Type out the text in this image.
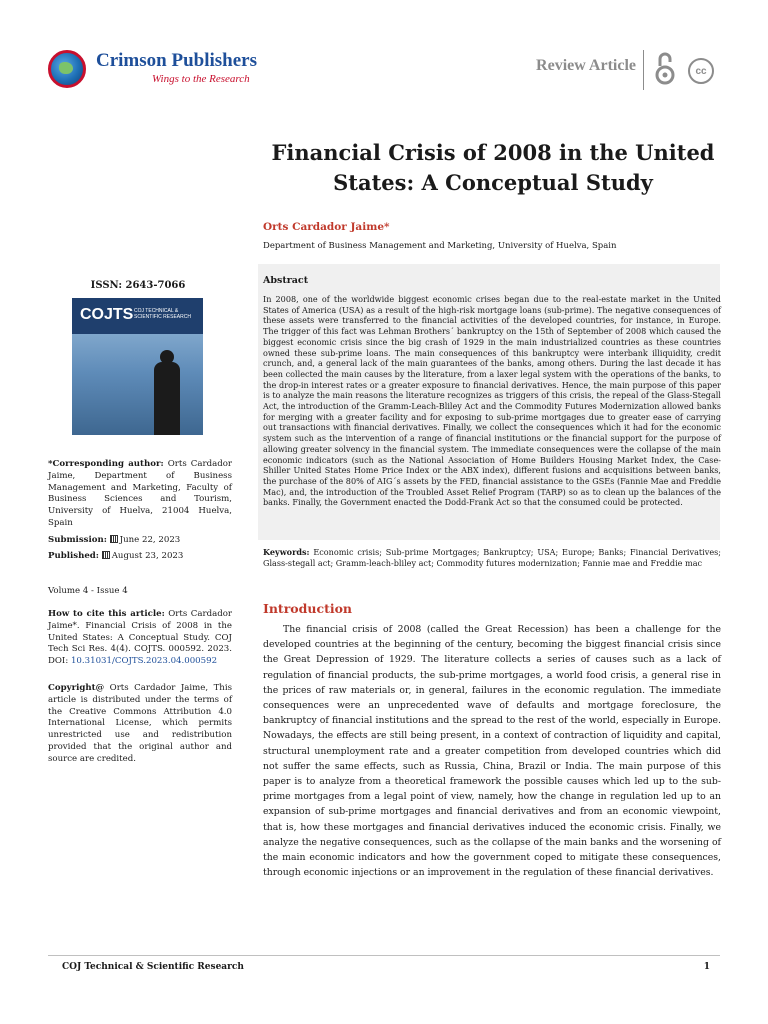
Crimson Publishers
Wings to the Research
Review Article	cc
Financial Crisis of 2008 in the United States: A Conceptual Study
Orts Cardador Jaime*
Department of Business Management and Marketing, University of Huelva, Spain
Abstract

In 2008, one of the worldwide biggest economic crises began due to the real-estate market in the United States of America (USA) as a result of the high-risk mortgage loans (sub-prime). The negative consequences of these assets were transferred to the financial activities of the developed countries, for instance, in Europe. The trigger of this fact was Lehman Brothers´ bankruptcy on the 15th of September of 2008 which caused the biggest economic crisis since the big crash of 1929 in the main industrialized countries as these countries owned these sub-prime loans. The main consequences of this bankruptcy were interbank illiquidity, credit crunch, and, a general lack of the main guarantees of the banks, among others. During the last decade it has been collected the main causes by the literature, from a laxer legal system with the operations of the banks, to the drop-in interest rates or a greater exposure to financial derivatives. Hence, the main purpose of this paper is to analyze the main reasons the literature recognizes as triggers of this crisis, the repeal of the Glass-Stegall Act, the introduction of the Gramm-Leach-Bliley Act and the Commodity Futures Modernization allowed banks for merging with a greater facility and for exposing to sub-prime mortgages due to greater ease of carrying out transactions with financial derivatives. Finally, we collect the consequences which it had for the economic system such as the intervention of a range of financial institutions or the financial support for the purpose of allowing greater solvency in the financial system. The immediate consequences were the collapse of the main economic indicators (such as the National Association of Home Builders Housing Market Index, the Case-Shiller United States Home Price Index or the ABX index), different fusions and acquisitions between banks, the purchase of the 80% of AIG´s assets by the FED, financial assistance to the GSEs (Fannie Mae and Freddie Mac), and, the introduction of the Troubled Asset Relief Program (TARP) so as to clean up the balances of the banks. Finally, the Government enacted the Dodd-Frank Act so that the consumed could be protected.

Keywords: Economic crisis; Sub-prime Mortgages; Bankruptcy; USA; Europe; Banks; Financial Derivatives; Glass-stegall act; Gramm-leach-bliley act; Commodity futures modernization; Fannie mae and Freddie mac

ISSN: 2643-7066
COJTS COJ TECHNICAL & SCIENTIFIC RESEARCH

*Corresponding author: Orts Cardador Jaime, Department of Business Management and Marketing, Faculty of Business Sciences and Tourism, University of Huelva, 21004 Huelva, Spain

Submission: June 22, 2023

Published: August 23, 2023

Volume 4 - Issue 4

How to cite this article: Orts Cardador Jaime*. Financial Crisis of 2008 in the United States: A Conceptual Study. COJ Tech Sci Res. 4(4). COJTS. 000592. 2023. DOI: 10.31031/COJTS.2023.04.000592

Copyright@ Orts Cardador Jaime, This article is distributed under the terms of the Creative Commons Attribution 4.0 International License, which permits unrestricted use and redistribution provided that the original author and source are credited.

Introduction

The financial crisis of 2008 (called the Great Recession) has been a challenge for the developed countries at the beginning of the century, becoming the biggest financial crisis since the Great Depression of 1929. The literature collects a series of causes such as a lack of regulation of financial products, the sub-prime mortgages, a world food crisis, a general rise in the prices of raw materials or, in general, failures in the economic regulation. The immediate consequences were an unprecedented wave of defaults and mortgage foreclosure, the bankruptcy of financial institutions and the spread to the rest of the world, especially in Europe. Nowadays, the effects are still being present, in a context of contraction of liquidity and capital, structural unemployment rate and a greater competition from developed countries which did not suffer the same effects, such as Russia, China, Brazil or India. The main purpose of this paper is to analyze from a theoretical framework the possible causes which led up to the sub-prime mortgages from a legal point of view, namely, how the change in regulation led up to an expansion of sub-prime mortgages and financial derivatives and from an economic viewpoint, that is, how these mortgages and financial derivatives induced the economic crisis. Finally, we analyze the negative consequences, such as the collapse of the main banks and the worsening of the main economic indicators and how the government coped to mitigate these consequences, through economic injections or an improvement in the regulation of these financial derivatives.

COJ Technical & Scientific Research	1
